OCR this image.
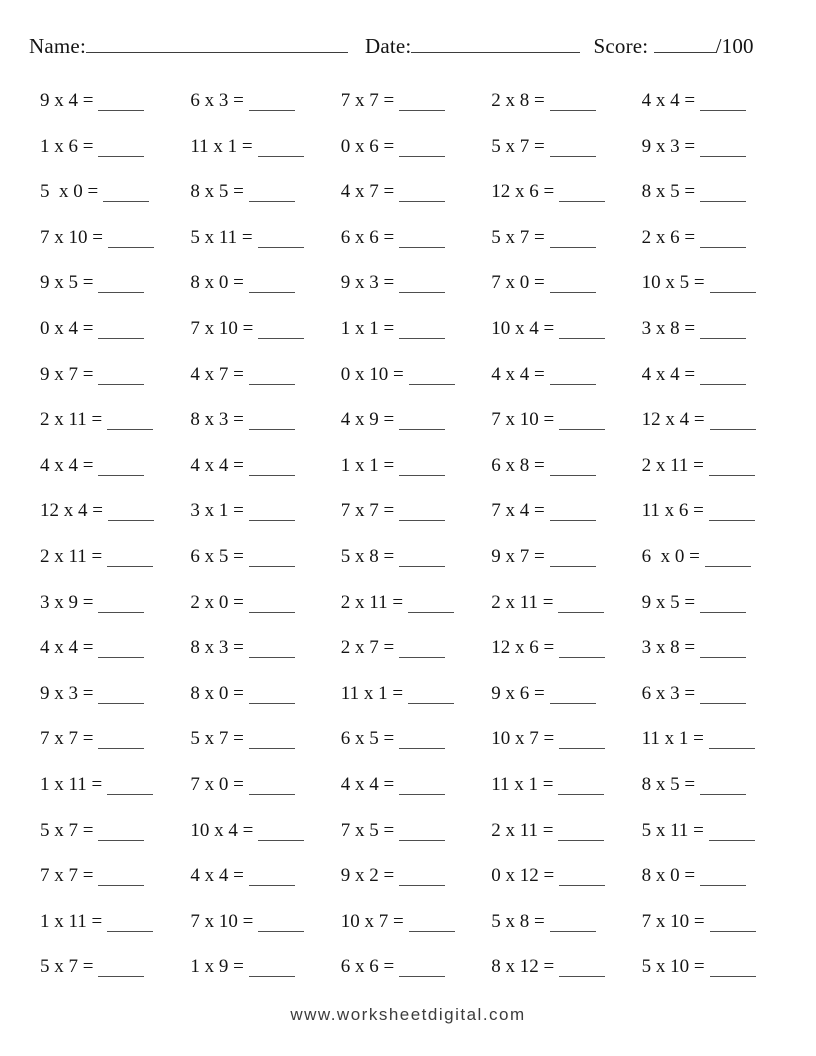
Name:	Date:	Score:
	/100
9 x 4 =	6 x 3 =	7 x 7 =	2 x 8 =	4 x 4 =
1 x 6 =	11 x 1 =	0 x 6 =	5 x 7 =	9 x 3 =
5  x 0 =	8 x 5 =	4 x 7 =	12 x 6 =	8 x 5 =
7 x 10 =	5 x 11 =	6 x 6 =	5 x 7 =	2 x 6 =
9 x 5 =	8 x 0 =	9 x 3 =	7 x 0 =	10 x 5 =
0 x 4 =	7 x 10 =	1 x 1 =	10 x 4 =	3 x 8 =
9 x 7 =	4 x 7 =	0 x 10 =	4 x 4 =	4 x 4 =
2 x 11 =	8 x 3 =	4 x 9 =	7 x 10 =	12 x 4 =
4 x 4 =	4 x 4 =	1 x 1 =	6 x 8 =	2 x 11 =
12 x 4 =	3 x 1 =	7 x 7 =	7 x 4 =	11 x 6 =
2 x 11 =	6 x 5 =	5 x 8 =	9 x 7 =	6  x 0 =
3 x 9 =	2 x 0 =	2 x 11 =	2 x 11 =	9 x 5 =
4 x 4 =	8 x 3 =	2 x 7 =	12 x 6 =	3 x 8 =
9 x 3 =	8 x 0 =	11 x 1 =	9 x 6 =	6 x 3 =
7 x 7 =	5 x 7 =	6 x 5 =	10 x 7 =	11 x 1 =
1 x 11 =	7 x 0 =	4 x 4 =	11 x 1 =	8 x 5 =
5 x 7 =	10 x 4 =	7 x 5 =	2 x 11 =	5 x 11 =
7 x 7 =	4 x 4 =	9 x 2 =	0 x 12 =	8 x 0 =
1 x 11 =	7 x 10 =	10 x 7 =	5 x 8 =	7 x 10 =
5 x 7 =	1 x 9 =	6 x 6 =	8 x 12 =	5 x 10 =
www.worksheetdigital.com
